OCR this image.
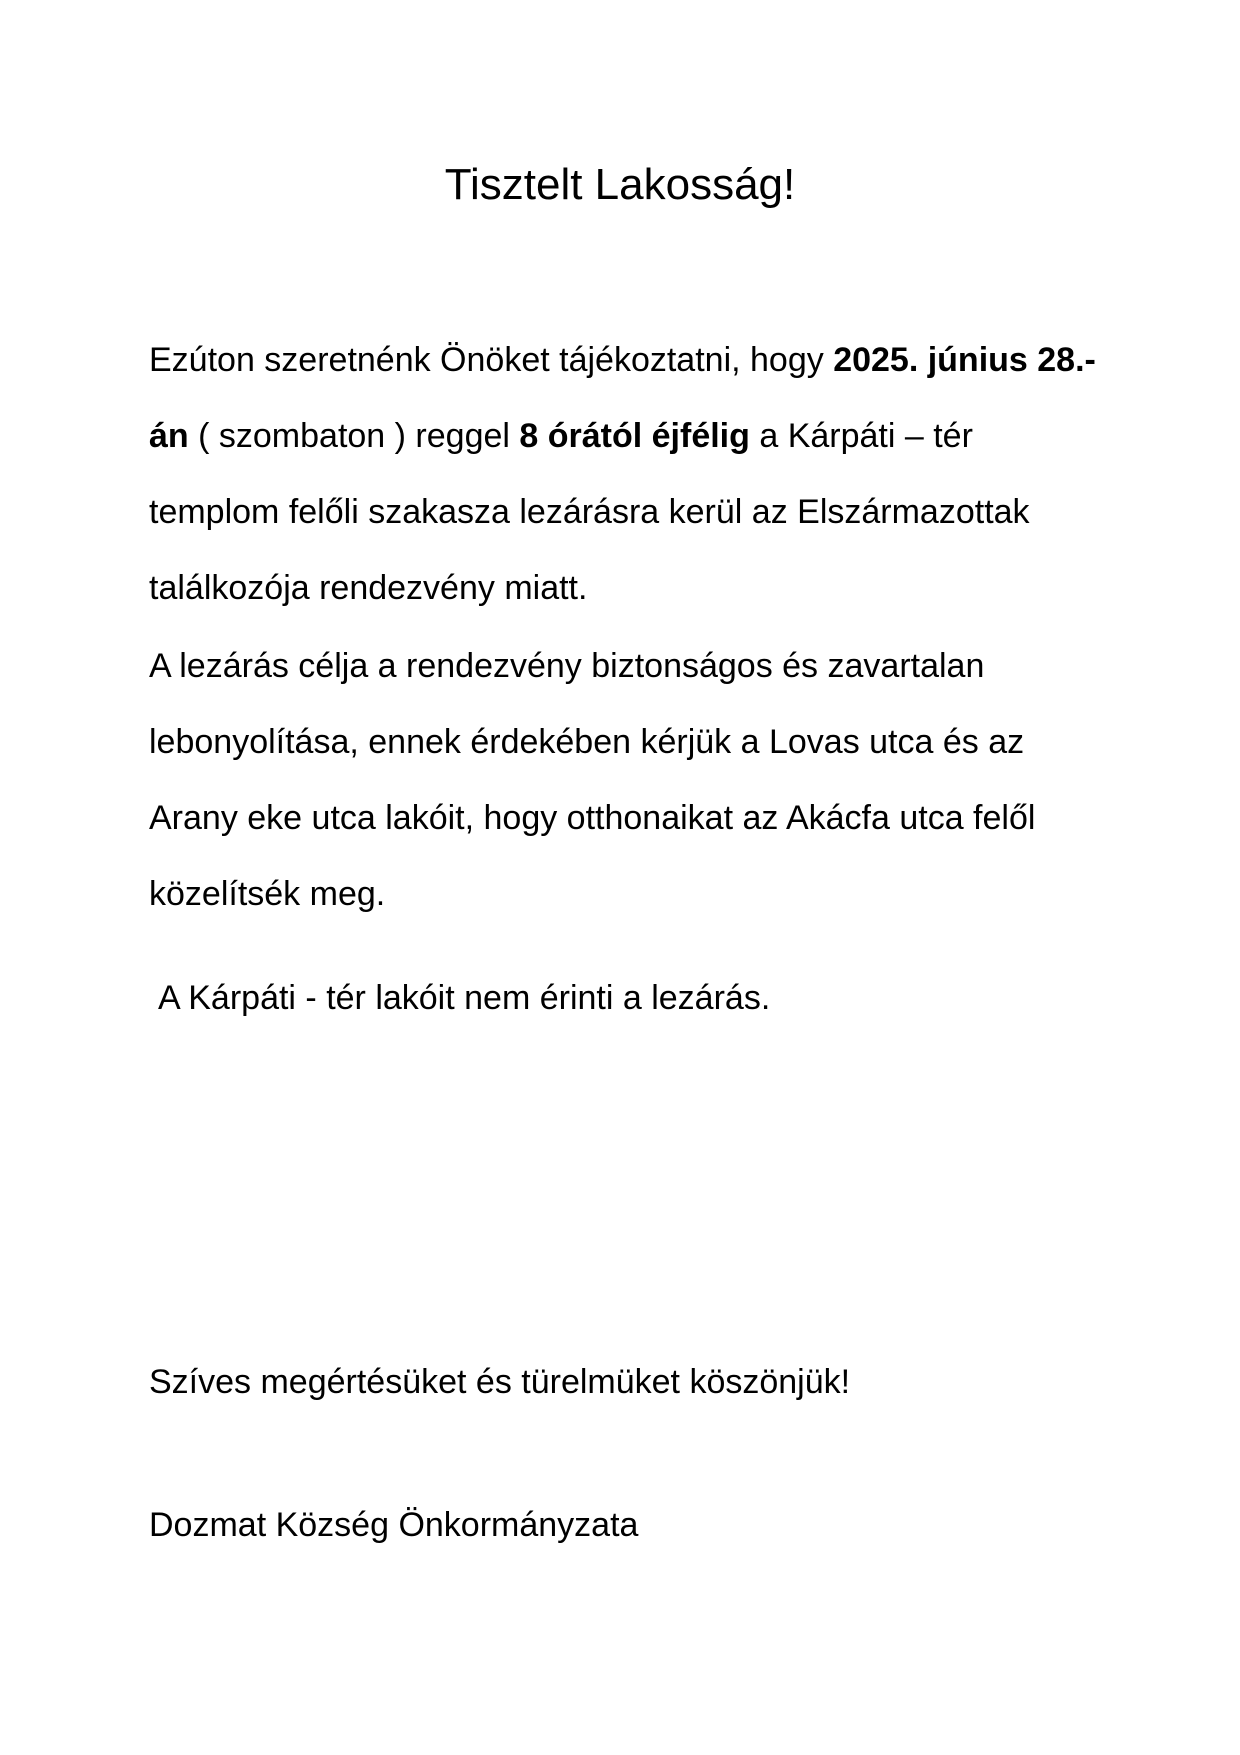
Tisztelt Lakosság!

Ezúton szeretnénk Önöket tájékoztatni, hogy 2025. június 28.-án ( szombaton ) reggel 8 órától éjfélig a Kárpáti – tér templom felőli szakasza lezárásra kerül az Elszármazottak találkozója rendezvény miatt.

A lezárás célja a rendezvény biztonságos és zavartalan lebonyolítása, ennek érdekében kérjük a Lovas utca és az Arany eke utca lakóit, hogy otthonaikat az Akácfa utca felől közelítsék meg.

A Kárpáti - tér lakóit nem érinti a lezárás.

Szíves megértésüket és türelmüket köszönjük!

Dozmat Község Önkormányzata
